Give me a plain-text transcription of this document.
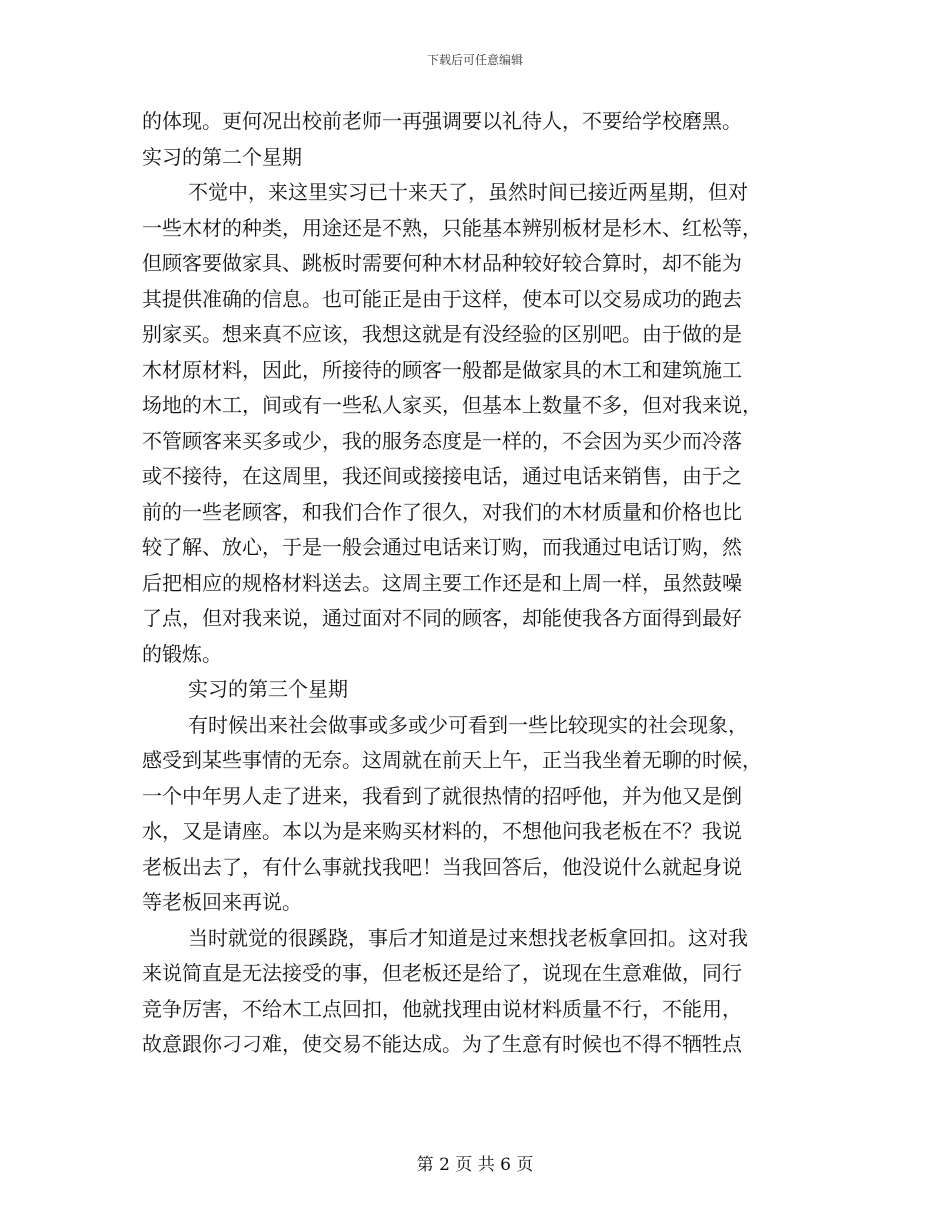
下载后可任意编辑
的体现。更何况出校前老师一再强调要以礼待人，不要给学校磨黑。
实习的第二个星期
不觉中，来这里实习已十来天了，虽然时间已接近两星期，但对
一些木材的种类，用途还是不熟，只能基本辨别板材是杉木、红松等，
但顾客要做家具、跳板时需要何种木材品种较好较合算时，却不能为
其提供准确的信息。也可能正是由于这样，使本可以交易成功的跑去
别家买。想来真不应该，我想这就是有没经验的区别吧。由于做的是
木材原材料，因此，所接待的顾客一般都是做家具的木工和建筑施工
场地的木工，间或有一些私人家买，但基本上数量不多，但对我来说，
不管顾客来买多或少，我的服务态度是一样的，不会因为买少而冷落
或不接待，在这周里，我还间或接接电话，通过电话来销售，由于之
前的一些老顾客，和我们合作了很久，对我们的木材质量和价格也比
较了解、放心，于是一般会通过电话来订购，而我通过电话订购，然
后把相应的规格材料送去。这周主要工作还是和上周一样，虽然鼓噪
了点，但对我来说，通过面对不同的顾客，却能使我各方面得到最好
的锻炼。
实习的第三个星期
有时候出来社会做事或多或少可看到一些比较现实的社会现象，
感受到某些事情的无奈。这周就在前天上午，正当我坐着无聊的时候，
一个中年男人走了进来，我看到了就很热情的招呼他，并为他又是倒
水，又是请座。本以为是来购买材料的，不想他问我老板在不？我说
老板出去了，有什么事就找我吧！当我回答后，他没说什么就起身说
等老板回来再说。
当时就觉的很蹊跷，事后才知道是过来想找老板拿回扣。这对我
来说简直是无法接受的事，但老板还是给了，说现在生意难做，同行
竞争厉害，不给木工点回扣，他就找理由说材料质量不行，不能用，
故意跟你刁刁难，使交易不能达成。为了生意有时候也不得不牺牲点
第 2 页 共 6 页
